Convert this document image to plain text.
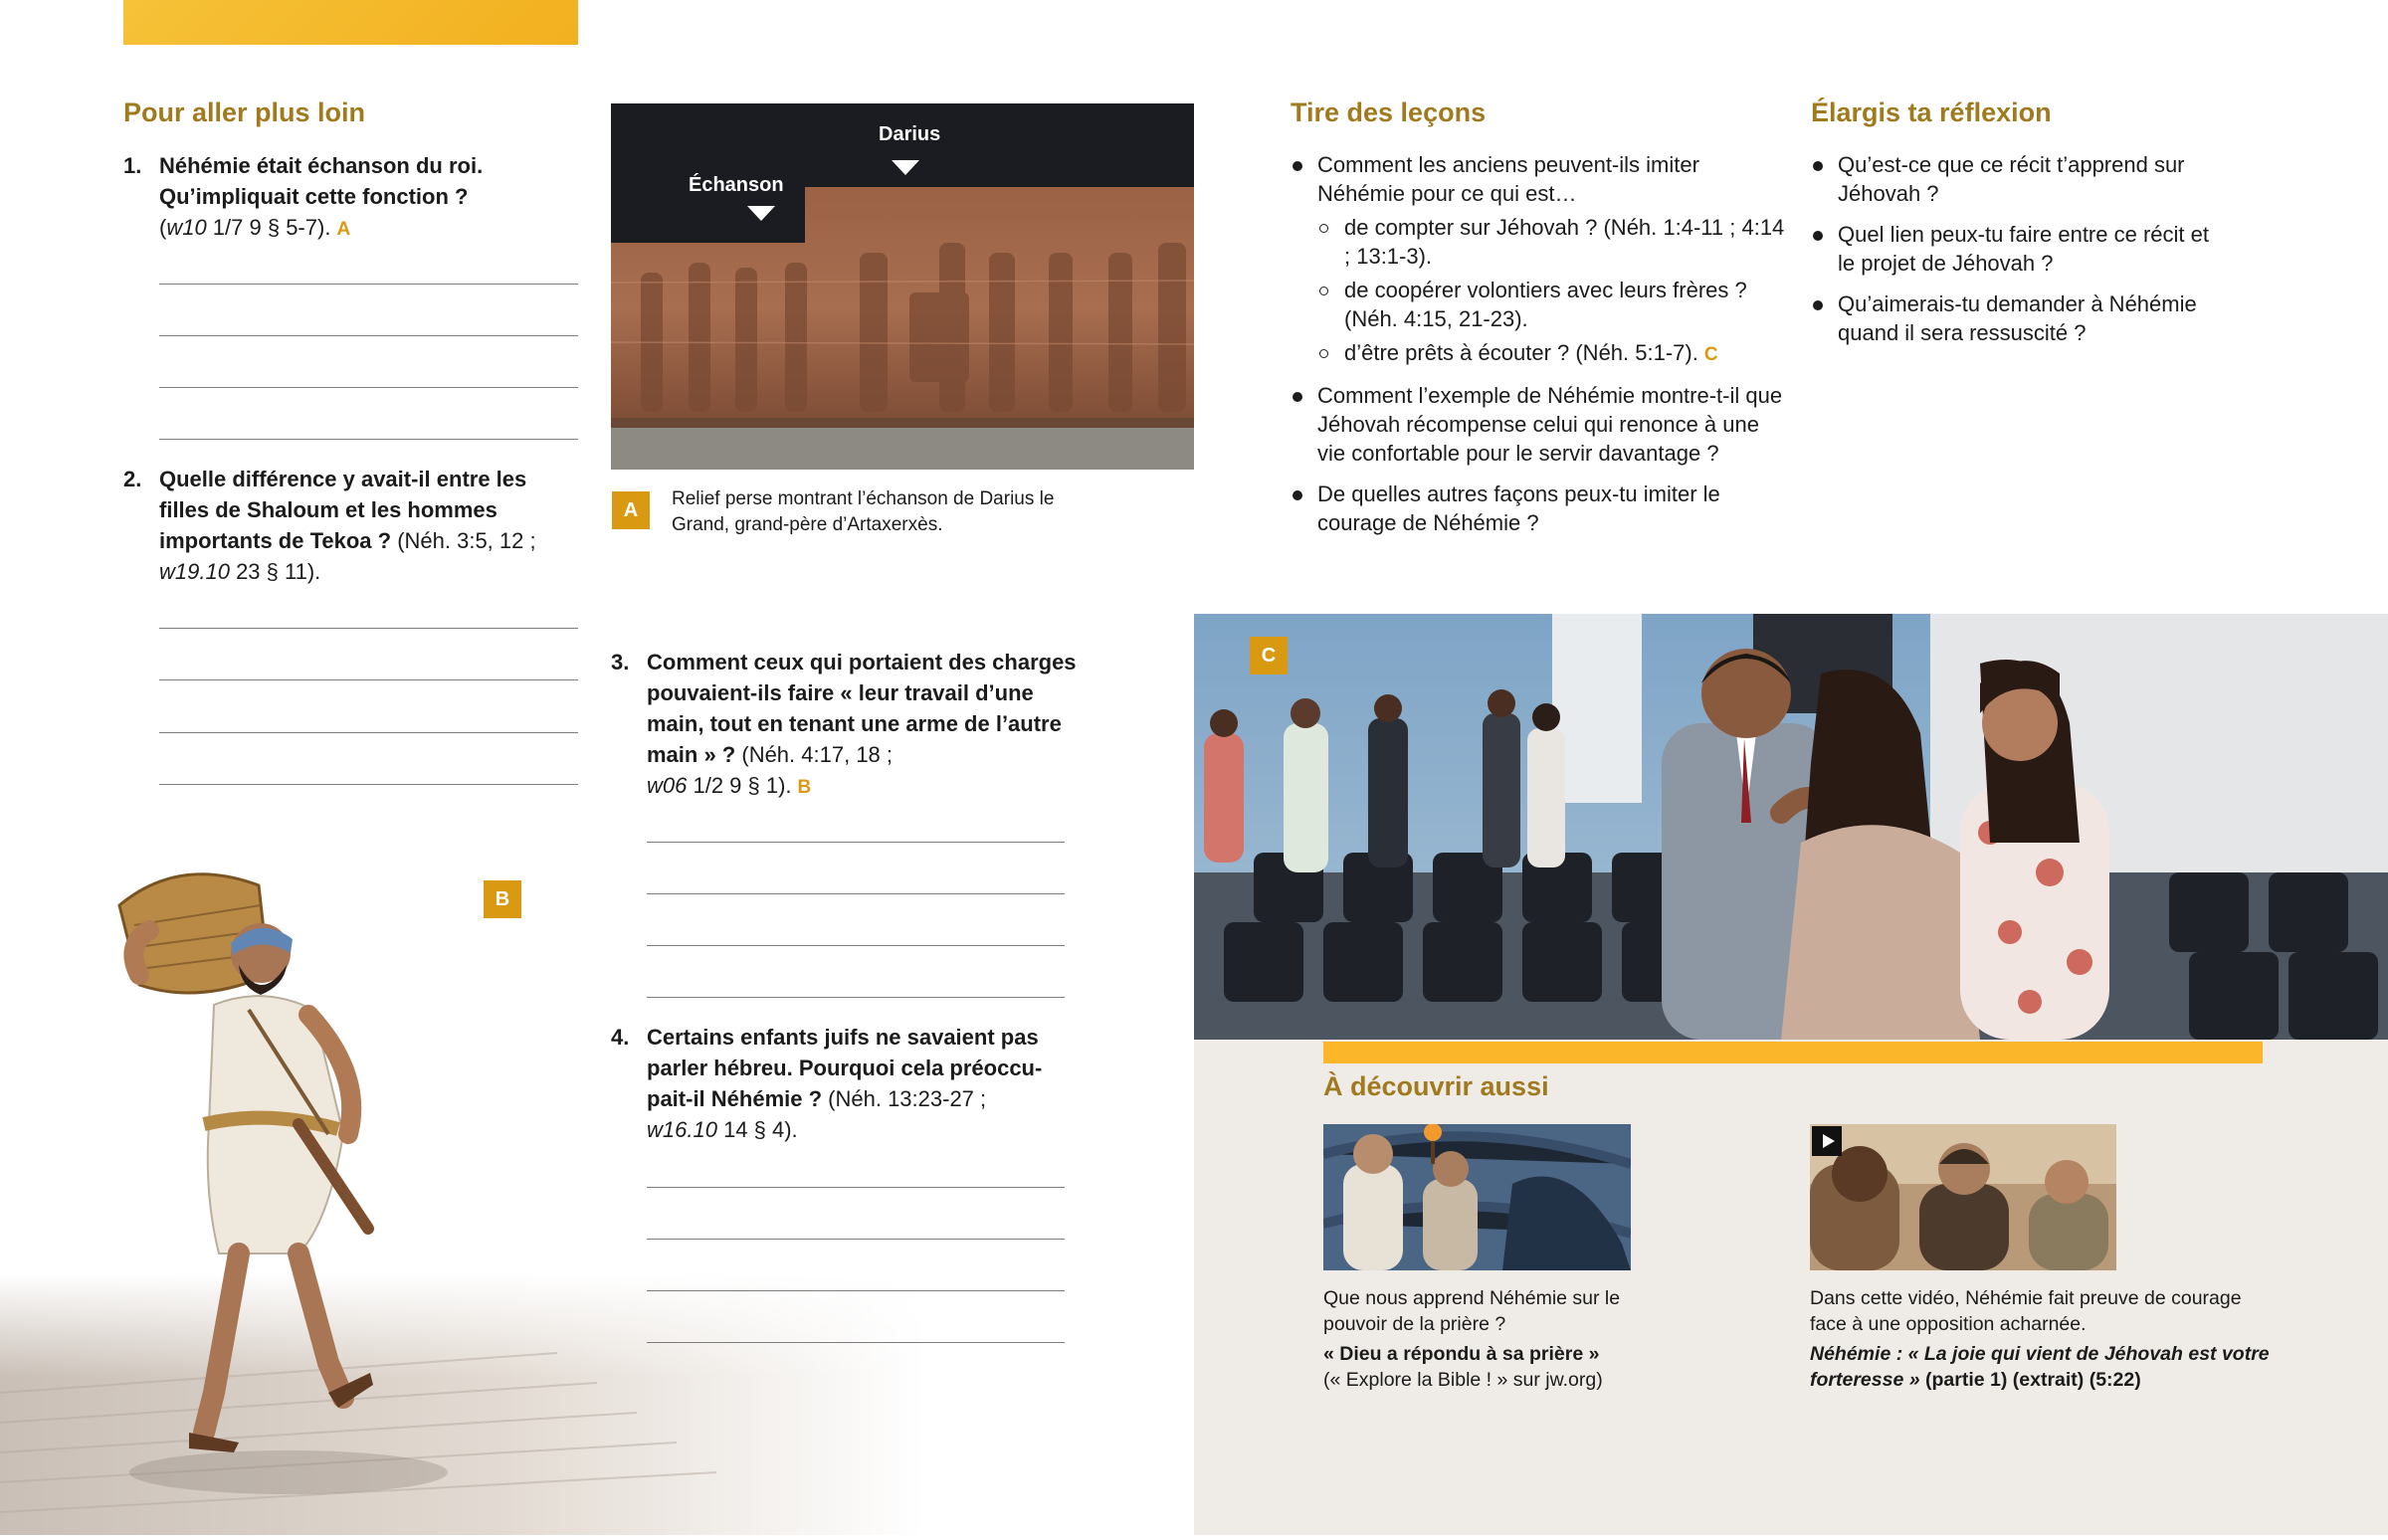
Pour aller plus loin
1. Néhémie était échanson du roi. Qu’impliquait cette fonction ?
(w10 1/7 9 § 5-7). A
2. Quelle différence y avait-il entre les filles de Shaloum et les hommes importants de Tekoa ? (Néh. 3:5, 12 ;
w19.10 23 § 11).
B
Darius
Échanson
A	Relief perse montrant l’échanson de Darius le Grand, grand-père d’Artaxerxès.
3. Comment ceux qui portaient des charges pouvaient-ils faire « leur travail d’une main, tout en tenant une arme de l’autre main » ? (Néh. 4:17, 18 ;
w06 1/2 9 § 1). B
4. Certains enfants juifs ne savaient pas parler hébreu. Pourquoi cela préoccupait-il Néhémie ? (Néh. 13:23-27 ;
w16.10 14 § 4).
Tire des leçons
Comment les anciens peuvent-ils imiter Néhémie pour ce qui est…
de compter sur Jéhovah ? (Néh. 1:4-11 ; 4:14 ; 13:1-3).
de coopérer volontiers avec leurs frères ? (Néh. 4:15, 21-23).
d’être prêts à écouter ? (Néh. 5:1-7). C
Comment l’exemple de Néhémie montre-t-il que Jéhovah récompense celui qui renonce à une vie confortable pour le servir davantage ?
De quelles autres façons peux-tu imiter le courage de Néhémie ?
Élargis ta réflexion
Qu’est-ce que ce récit t’apprend sur Jéhovah ?
Quel lien peux-tu faire entre ce récit et le projet de Jéhovah ?
Qu’aimerais-tu demander à Néhémie quand il sera ressuscité ?
C
À découvrir aussi
Que nous apprend Néhémie sur le pouvoir de la prière ?
« Dieu a répondu à sa prière »
(« Explore la Bible ! » sur jw.org)
Dans cette vidéo, Néhémie fait preuve de courage face à une opposition acharnée.
Néhémie : « La joie qui vient de Jéhovah est votre forteresse » (partie 1) (extrait) (5:22)
